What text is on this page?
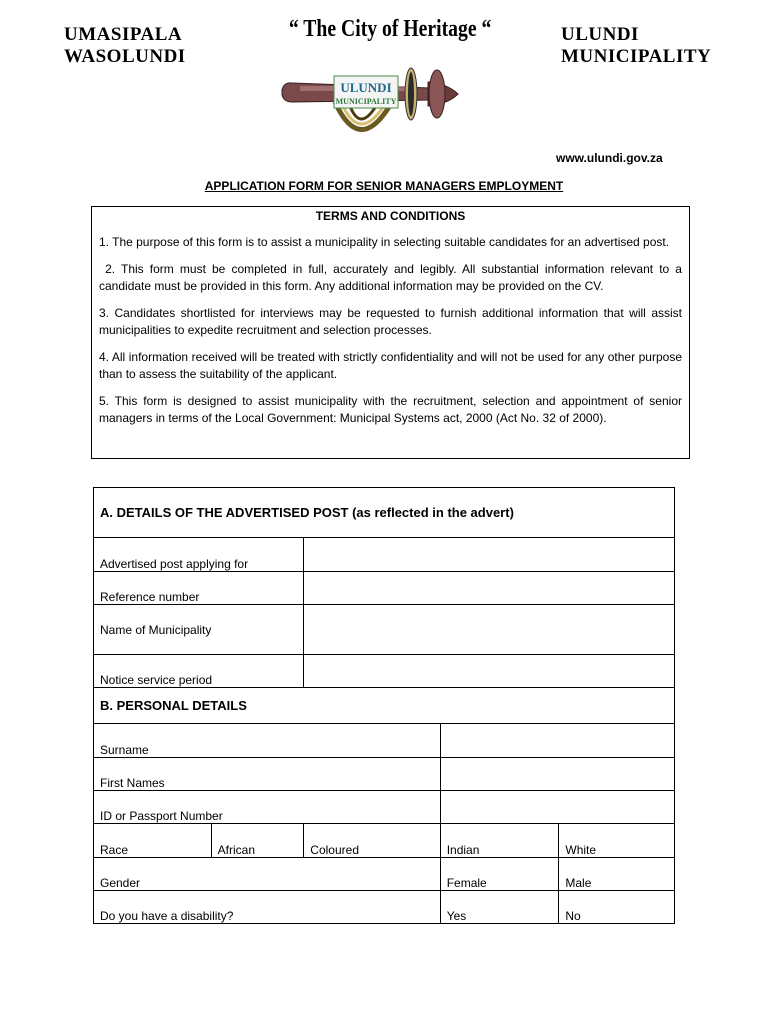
UMASIPALA
WASOLUNDI
“ The City of Heritage “	ULUNDI
MUNICIPALITY
ULUNDI
MUNICIPALITY
www.ulundi.gov.za
APPLICATION FORM FOR SENIOR MANAGERS EMPLOYMENT
TERMS AND CONDITIONS

1. The purpose of this form is to assist a municipality in selecting suitable candidates for an advertised post.

2. This form must be completed in full, accurately and legibly. All substantial information relevant to a candidate must be provided in this form. Any additional information may be provided on the CV.

3. Candidates shortlisted for interviews may be requested to furnish additional information that will assist municipalities to expedite recruitment and selection processes.

4. All information received will be treated with strictly confidentiality and will not be used for any other purpose than to assess the suitability of the applicant.

5. This form is designed to assist municipality with the recruitment, selection and appointment of senior managers in terms of the Local Government: Municipal Systems act, 2000 (Act No. 32 of 2000).

A. DETAILS OF THE ADVERTISED POST (as reflected in the advert)				
Advertised post applying for				
Reference number				
Name of Municipality				
Notice service period				
B. PERSONAL DETAILS				
Surname				
First Names				
ID or Passport Number				
Race	African	Coloured	Indian	White
Gender			Female	Male
Do you have a disability?			Yes	No
